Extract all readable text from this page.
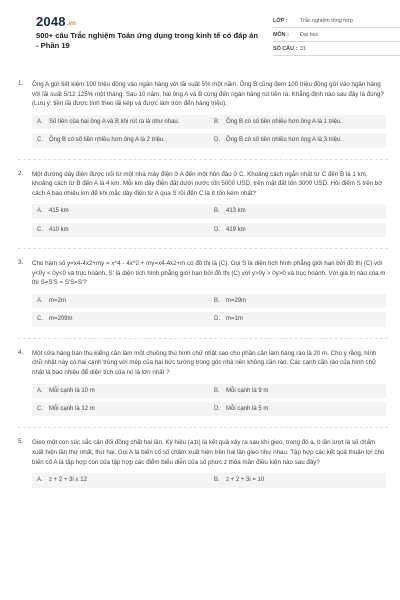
2048.vn
500+ câu Trắc nghiệm Toán ứng dụng trong kinh tế có đáp án - Phần 19
LỚP :	Trắc nghiệm tổng hợp
MÔN :	Đại học
SỐ CÂU : 31
1. Ông A gửi tiết kiệm 100 triệu đồng vào ngân hàng với lãi suất 5% một năm. Ông B cũng đem 100 triệu đồng gửi vào ngân hàng với lãi suất 5/12 125% một tháng. Sau 10 năm, hai ông A và B cùng đến ngân hàng rút tiền ra. Khẳng định nào sau đây là đúng? (Lưu ý: tiền lãi được tính theo lãi kép và được làm tròn đến hàng triệu).
A.	Số tiền của hai ông A và B khi rút ra là như nhau.	B.	Ông B có số tiền nhiều hơn ông A là 1 triệu.
C.	Ông B có số tiền nhiều hơn ông A là 2 triệu.	D.	Ông B có số tiền nhiều hơn ông A là 3 triệu.
2. Một đường dây điện được nối từ một nhà máy điện ở A đến một hòn đảo ở C. Khoảng cách ngắn nhất từ C đến B là 1 km, khoảng cách từ B đến A là 4 km. Mỗi km dây điện đặt dưới nước tốn 5000 USD, trên mặt đất tốn 3000 USD. Hỏi điểm S trên bờ cách A bao nhiêu km để khi mắc dây điện từ A qua S rồi đến C là ít tốn kém nhất?
A.	415 km	B.	413 km
C.	410 km	D.	419 km
3. Cho hàm số y=x4-4x2+my = x^4 - 4x^2 + my=x4-4x2+m có đồ thị là (C). Gọi S là diện tích hình phẳng giới hạn bởi đồ thị (C) với y<0y < 0y<0 và trục hoành, S' là diện tích hình phẳng giới hạn bởi đồ thị (C) với y>0y > 0y>0 và trục hoành. Với giá trị nào của m thì S=S'S = S'S=S'?
A.	m=2m	B.	m=29m
C.	m=209m	D.	m=1m
4. Một cửa hàng bán thú kiểng cần làm một chuồng thú hình chữ nhật sao cho phần cần làm hàng rào là 20 m. Chú ý rằng, hình chữ nhật này có hai cạnh trùng với mép của hai bức tường trong góc nhà nên không cần rào. Các cạnh cần rào của hình chữ nhật là bao nhiêu để diện tích của nó là lớn nhất ?
A.	Mỗi cạnh là 10 m	B.	Mỗi cạnh là 9 m
C.	Mỗi cạnh là 12 m	D.	Mỗi cạnh là 5 m
5. Gieo một con súc sắc cân đối đồng chất hai lần. Ký hiệu (a;b) là kết quả xảy ra sau khi gieo, trong đó a, b lần lượt là số chấm xuất hiện lần thứ nhất, thứ hai. Gọi A là biến cố số chấm xuất hiện trên hai lần gieo như nhau. Tập hợp các kết quả thuận lợi cho biến cố A là tập hợp con của tập hợp các điểm biểu diễn của số phức z thỏa mãn điều kiện nào sau đây?
A.	z + 2 + 3i ≤ 12	B.	z + 2 + 3i = 10
